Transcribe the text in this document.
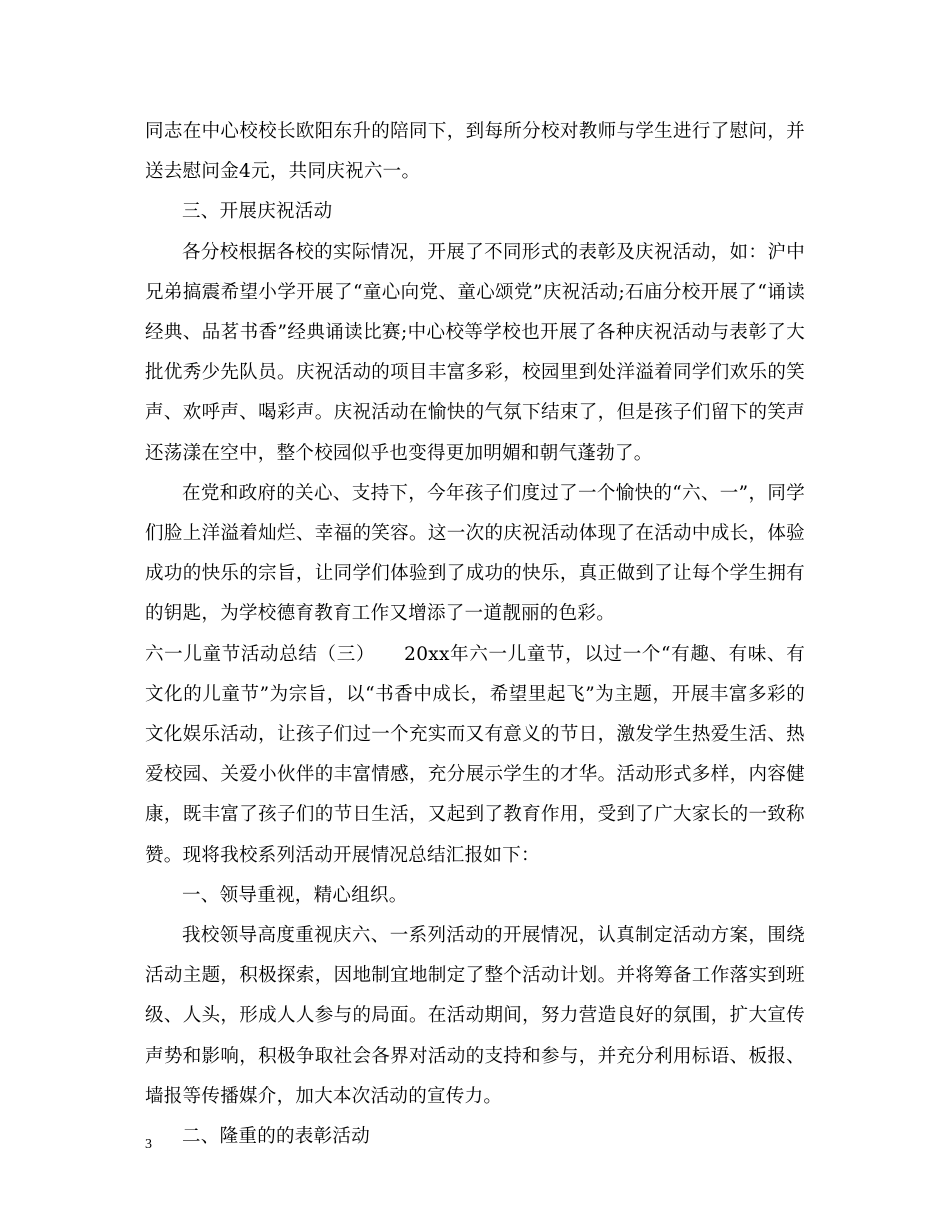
同志在中心校校长欧阳东升的陪同下，到每所分校对教师与学生进行了慰问，并送去慰问金4元，共同庆祝六一。

三、开展庆祝活动

各分校根据各校的实际情况，开展了不同形式的表彰及庆祝活动，如：沪中兄弟搞震希望小学开展了“童心向党、童心颂党”庆祝活动;石庙分校开展了“诵读经典、品茗书香”经典诵读比赛;中心校等学校也开展了各种庆祝活动与表彰了大批优秀少先队员。庆祝活动的项目丰富多彩，校园里到处洋溢着同学们欢乐的笑声、欢呼声、喝彩声。庆祝活动在愉快的气氛下结束了，但是孩子们留下的笑声还荡漾在空中，整个校园似乎也变得更加明媚和朝气蓬勃了。

在党和政府的关心、支持下，今年孩子们度过了一个愉快的“六、一”，同学们脸上洋溢着灿烂、幸福的笑容。这一次的庆祝活动体现了在活动中成长，体验成功的快乐的宗旨，让同学们体验到了成功的快乐，真正做到了让每个学生拥有的钥匙，为学校德育教育工作又增添了一道靓丽的色彩。

六一儿童节活动总结（三）　　20xx年六一儿童节，以过一个“有趣、有味、有文化的儿童节”为宗旨，以“书香中成长，希望里起飞”为主题，开展丰富多彩的文化娱乐活动，让孩子们过一个充实而又有意义的节日，激发学生热爱生活、热爱校园、关爱小伙伴的丰富情感，充分展示学生的才华。活动形式多样，内容健康，既丰富了孩子们的节日生活，又起到了教育作用，受到了广大家长的一致称赞。现将我校系列活动开展情况总结汇报如下：

一、领导重视，精心组织。

我校领导高度重视庆六、一系列活动的开展情况，认真制定活动方案，围绕活动主题，积极探索，因地制宜地制定了整个活动计划。并将筹备工作落实到班级、人头，形成人人参与的局面。在活动期间，努力营造良好的氛围，扩大宣传声势和影响，积极争取社会各界对活动的支持和参与，并充分利用标语、板报、墙报等传播媒介，加大本次活动的宣传力。

二、隆重的的表彰活动

3
